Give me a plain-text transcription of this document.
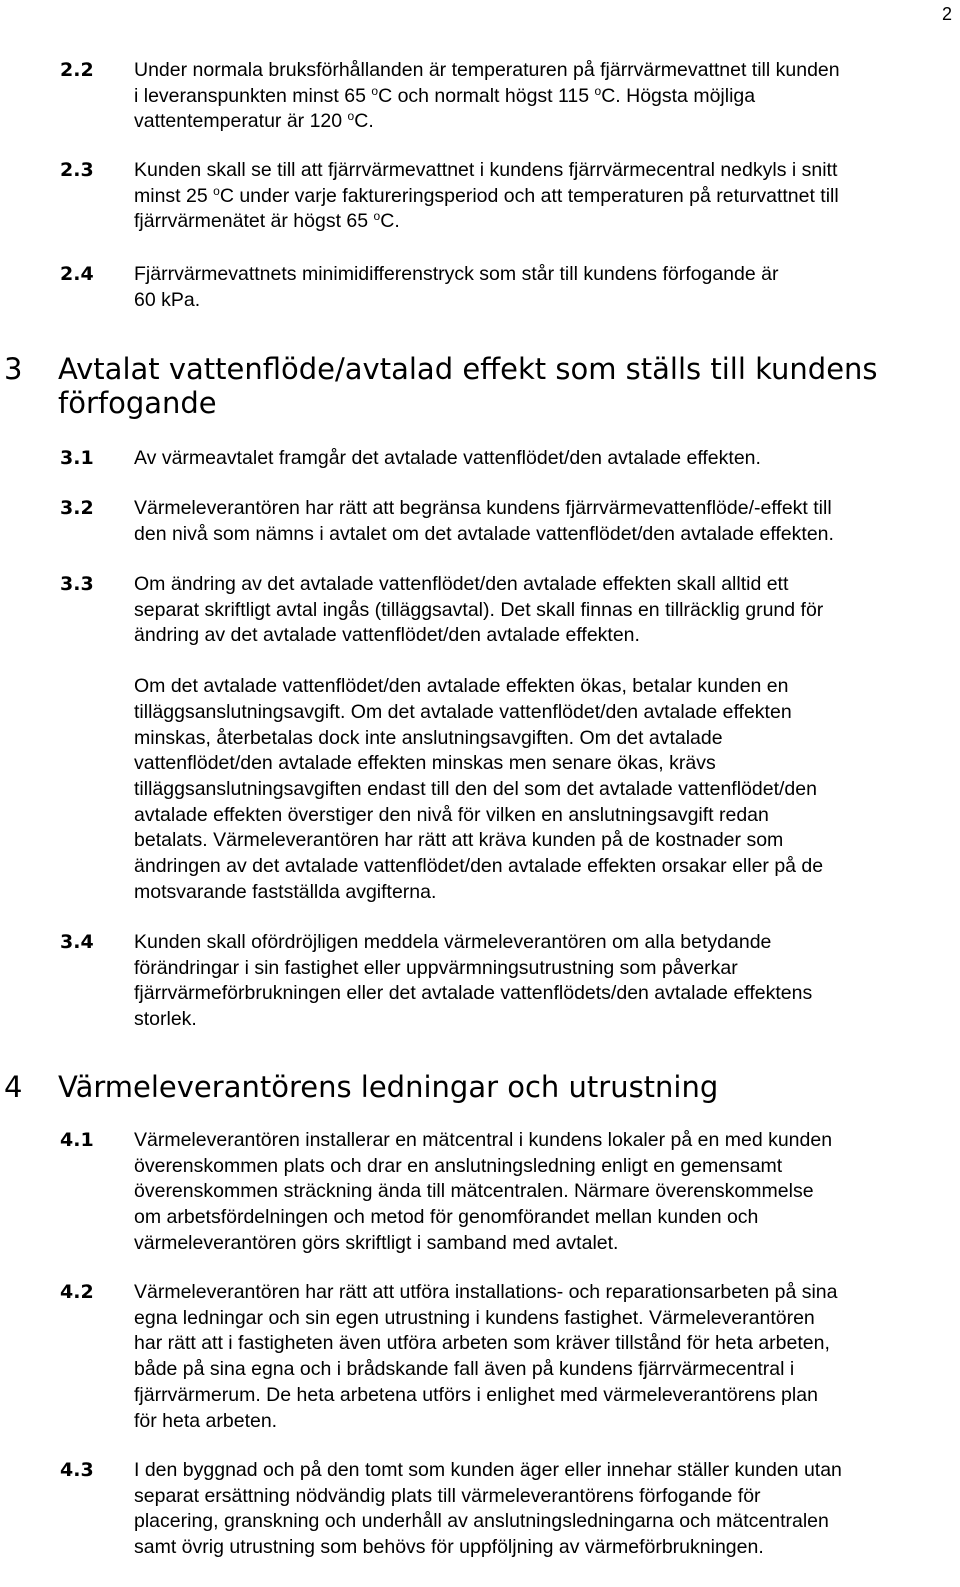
2
2.2 Under normala bruksförhållanden är temperaturen på fjärrvärmevattnet till kunden
i leveranspunkten minst 65 $^o$C och normalt högst 115 $^o$C. Högsta möjliga
vattentemperatur är 120 $^o$C.
2.3 Kunden skall se till att fjärrvärmevattnet i kundens fjärrvärmecentral nedkyls i snitt
minst 25 $^o$C under varje faktureringsperiod och att temperaturen på returvattnet till
fjärrvärmenätet är högst 65 $^o$C.
2.4 Fjärrvärmevattnets minimidifferenstryck som står till kundens förfogande är
60 kPa.
3 Avtalat vattenflöde/avtalad effekt som ställs till kundens
förfogande
3.1 Av värmeavtalet framgår det avtalade vattenflödet/den avtalade effekten.
3.2 Värmeleverantören har rätt att begränsa kundens fjärrvärmevattenflöde/-effekt till
den nivå som nämns i avtalet om det avtalade vattenflödet/den avtalade effekten.
3.3 Om ändring av det avtalade vattenflödet/den avtalade effekten skall alltid ett
separat skriftligt avtal ingås (tilläggsavtal). Det skall finnas en tillräcklig grund för
ändring av det avtalade vattenflödet/den avtalade effekten.

Om det avtalade vattenflödet/den avtalade effekten ökas, betalar kunden en
tilläggsanslutningsavgift. Om det avtalade vattenflödet/den avtalade effekten
minskas, återbetalas dock inte anslutningsavgiften. Om det avtalade
vattenflödet/den avtalade effekten minskas men senare ökas, krävs
tilläggsanslutningsavgiften endast till den del som det avtalade vattenflödet/den
avtalade effekten överstiger den nivå för vilken en anslutningsavgift redan
betalats. Värmeleverantören har rätt att kräva kunden på de kostnader som
ändringen av det avtalade vattenflödet/den avtalade effekten orsakar eller på de
motsvarande fastställda avgifterna.

3.4 Kunden skall ofördröjligen meddela värmeleverantören om alla betydande
förändringar i sin fastighet eller uppvärmningsutrustning som påverkar
fjärrvärmeförbrukningen eller det avtalade vattenflödets/den avtalade effektens
storlek.
4 Värmeleverantörens ledningar och utrustning
4.1 Värmeleverantören installerar en mätcentral i kundens lokaler på en med kunden
överenskommen plats och drar en anslutningsledning enligt en gemensamt
överenskommen sträckning ända till mätcentralen. Närmare överenskommelse
om arbetsfördelningen och metod för genomförandet mellan kunden och
värmeleverantören görs skriftligt i samband med avtalet.
4.2 Värmeleverantören har rätt att utföra installations- och reparationsarbeten på sina
egna ledningar och sin egen utrustning i kundens fastighet. Värmeleverantören
har rätt att i fastigheten även utföra arbeten som kräver tillstånd för heta arbeten,
både på sina egna och i brådskande fall även på kundens fjärrvärmecentral i
fjärrvärmerum. De heta arbetena utförs i enlighet med värmeleverantörens plan
för heta arbeten.
4.3 I den byggnad och på den tomt som kunden äger eller innehar ställer kunden utan
separat ersättning nödvändig plats till värmeleverantörens förfogande för
placering, granskning och underhåll av anslutningsledningarna och mätcentralen
samt övrig utrustning som behövs för uppföljning av värmeförbrukningen.
